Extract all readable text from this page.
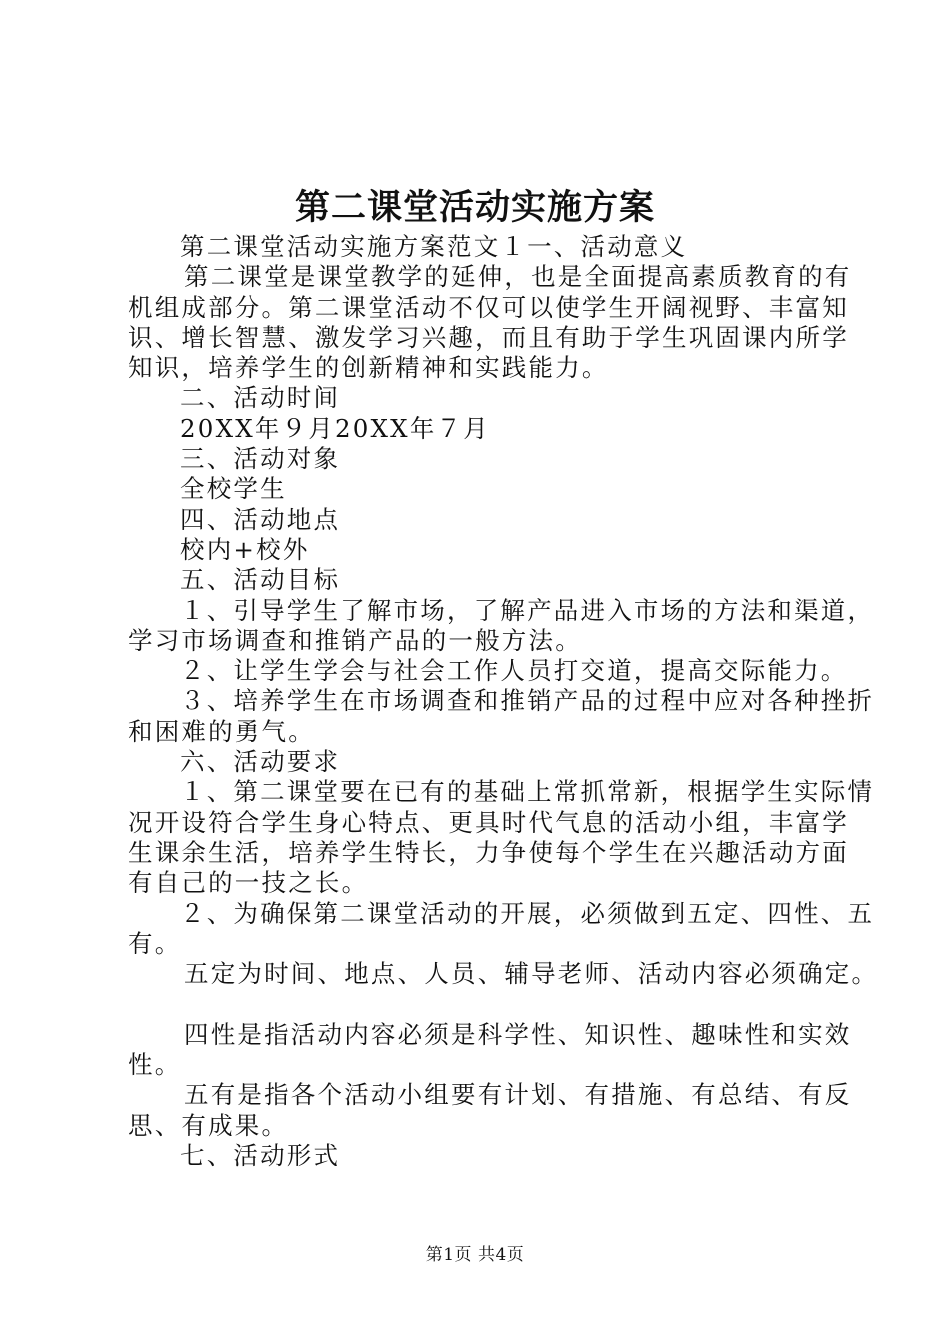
第二课堂活动实施方案

第二课堂活动实施方案范文１一、活动意义

第二课堂是课堂教学的延伸，也是全面提高素质教育的有

机组成部分。第二课堂活动不仅可以使学生开阔视野、丰富知

识、增长智慧、激发学习兴趣，而且有助于学生巩固课内所学

知识，培养学生的创新精神和实践能力。

二、活动时间

20XX年９月20XX年７月

三、活动对象

全校学生

四、活动地点

校内+校外

五、活动目标

１、引导学生了解市场，了解产品进入市场的方法和渠道，

学习市场调查和推销产品的一般方法。

２、让学生学会与社会工作人员打交道，提高交际能力。

３、培养学生在市场调查和推销产品的过程中应对各种挫折

和困难的勇气。

六、活动要求

１、第二课堂要在已有的基础上常抓常新，根据学生实际情

况开设符合学生身心特点、更具时代气息的活动小组，丰富学

生课余生活，培养学生特长，力争使每个学生在兴趣活动方面

有自己的一技之长。

２、为确保第二课堂活动的开展，必须做到五定、四性、五

有。

五定为时间、地点、人员、辅导老师、活动内容必须确定。

四性是指活动内容必须是科学性、知识性、趣味性和实效

性。

五有是指各个活动小组要有计划、有措施、有总结、有反

思、有成果。

七、活动形式

第1页 共4页
